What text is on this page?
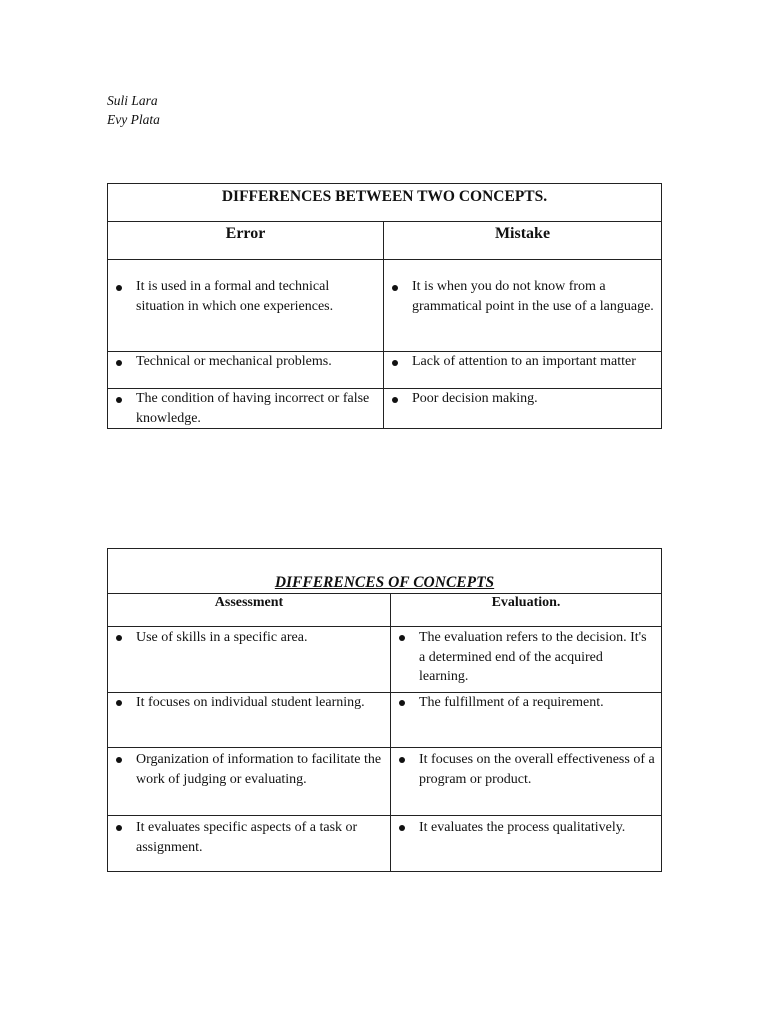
Suli Lara
Evy Plata
DIFFERENCES BETWEEN TWO CONCEPTS.	
Error	Mistake

It is used in a formal and technical situation in which one experiences.	It is when you do not know from a grammatical point in the use of a language.

Technical or mechanical problems.	Lack of attention to an important matter

The condition of having incorrect or false knowledge.	Poor decision making.
DIFFERENCES OF CONCEPTS	
Assessment	Evaluation.

Use of skills in a specific area.	The evaluation refers to the decision. It's a determined end of the acquired learning.

It focuses on individual student learning.	The fulfillment of a requirement.

Organization of information to facilitate the work of judging or evaluating.	It focuses on the overall effectiveness of a program or product.

It evaluates specific aspects of a task or assignment.	It evaluates the process qualitatively.
